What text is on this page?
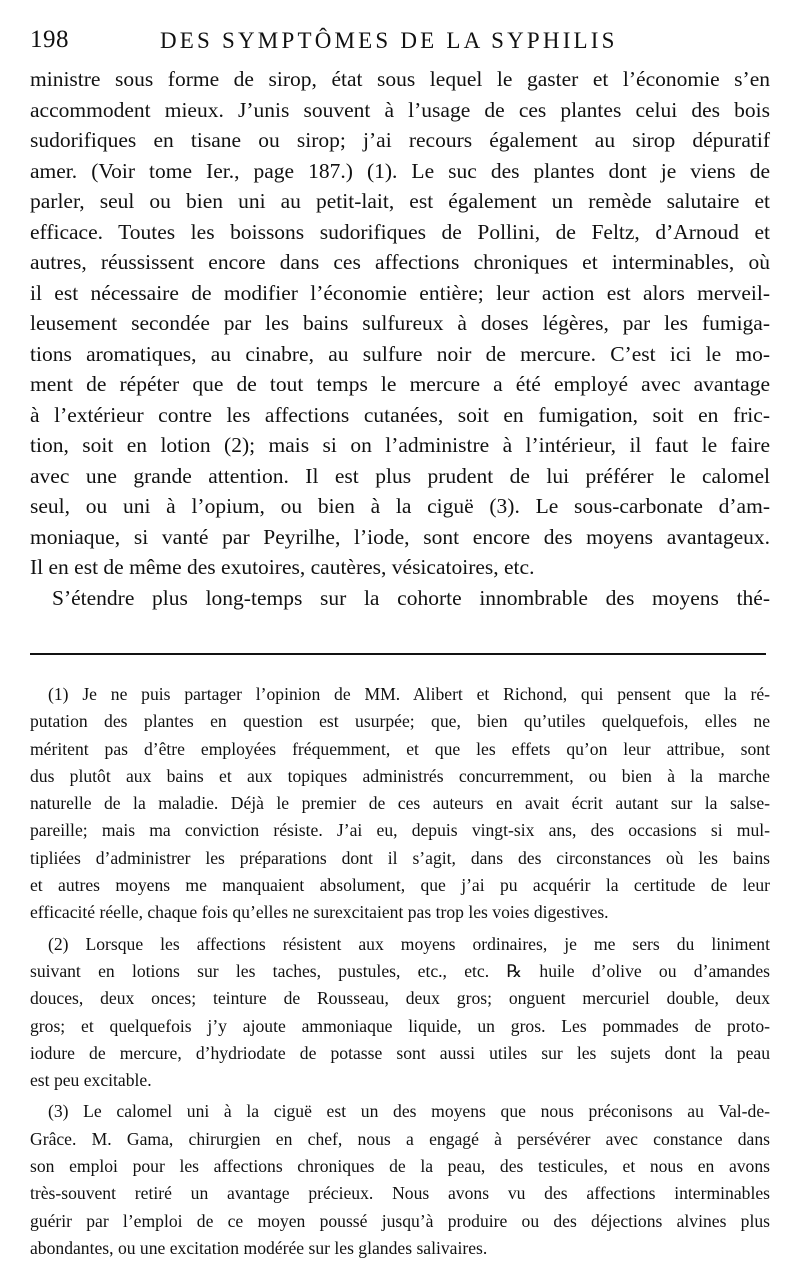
198	DES SYMPTÔMES DE LA SYPHILIS
ministre sous forme de sirop, état sous lequel le gaster et l’économie s’en
accommodent mieux. J’unis souvent à l’usage de ces plantes celui des bois
sudorifiques en tisane ou sirop; j’ai recours également au sirop dépuratif
amer. (Voir tome Ier., page 187.) (1). Le suc des plantes dont je viens de
parler, seul ou bien uni au petit-lait, est également un remède salutaire et
efficace. Toutes les boissons sudorifiques de Pollini, de Feltz, d’Arnoud et
autres, réussissent encore dans ces affections chroniques et interminables, où
il est nécessaire de modifier l’économie entière; leur action est alors merveil-
leusement secondée par les bains sulfureux à doses légères, par les fumiga-
tions aromatiques, au cinabre, au sulfure noir de mercure. C’est ici le mo-
ment de répéter que de tout temps le mercure a été employé avec avantage
à l’extérieur contre les affections cutanées, soit en fumigation, soit en fric-
tion, soit en lotion (2); mais si on l’administre à l’intérieur, il faut le faire
avec une grande attention. Il est plus prudent de lui préférer le calomel
seul, ou uni à l’opium, ou bien à la ciguë (3). Le sous-carbonate d’am-
moniaque, si vanté par Peyrilhe, l’iode, sont encore des moyens avantageux.
Il en est de même des exutoires, cautères, vésicatoires, etc.
S’étendre plus long-temps sur la cohorte innombrable des moyens thé-
(1) Je ne puis partager l’opinion de MM. Alibert et Richond, qui pensent que la ré-
putation des plantes en question est usurpée; que, bien qu’utiles quelquefois, elles ne
méritent pas d’être employées fréquemment, et que les effets qu’on leur attribue, sont
dus plutôt aux bains et aux topiques administrés concurremment, ou bien à la marche
naturelle de la maladie. Déjà le premier de ces auteurs en avait écrit autant sur la salse-
pareille; mais ma conviction résiste. J’ai eu, depuis vingt-six ans, des occasions si mul-
tipliées d’administrer les préparations dont il s’agit, dans des circonstances où les bains
et autres moyens me manquaient absolument, que j’ai pu acquérir la certitude de leur
efficacité réelle, chaque fois qu’elles ne surexcitaient pas trop les voies digestives.
(2) Lorsque les affections résistent aux moyens ordinaires, je me sers du liniment
suivant en lotions sur les taches, pustules, etc., etc. ℞ huile d’olive ou d’amandes
douces, deux onces; teinture de Rousseau, deux gros; onguent mercuriel double, deux
gros; et quelquefois j’y ajoute ammoniaque liquide, un gros. Les pommades de proto-
iodure de mercure, d’hydriodate de potasse sont aussi utiles sur les sujets dont la peau
est peu excitable.
(3) Le calomel uni à la ciguë est un des moyens que nous préconisons au Val-de-
Grâce. M. Gama, chirurgien en chef, nous a engagé à persévérer avec constance dans
son emploi pour les affections chroniques de la peau, des testicules, et nous en avons
très-souvent retiré un avantage précieux. Nous avons vu des affections interminables
guérir par l’emploi de ce moyen poussé jusqu’à produire ou des déjections alvines plus
abondantes, ou une excitation modérée sur les glandes salivaires.
